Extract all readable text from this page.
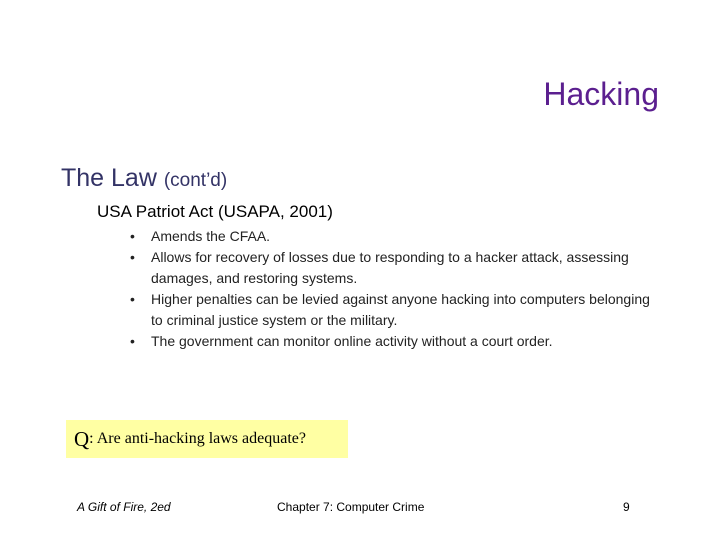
Hacking
The Law (cont’d)
USA Patriot Act (USAPA, 2001)
• Amends the CFAA.
• Allows for recovery of losses due to responding to a hacker attack, assessing damages, and restoring systems.
• Higher penalties can be levied against anyone hacking into computers belonging to criminal justice system or the military.
• The government can monitor online activity without a court order.
Q : Are anti-hacking laws adequate?
A Gift of Fire, 2ed	Chapter 7: Computer Crime	9
